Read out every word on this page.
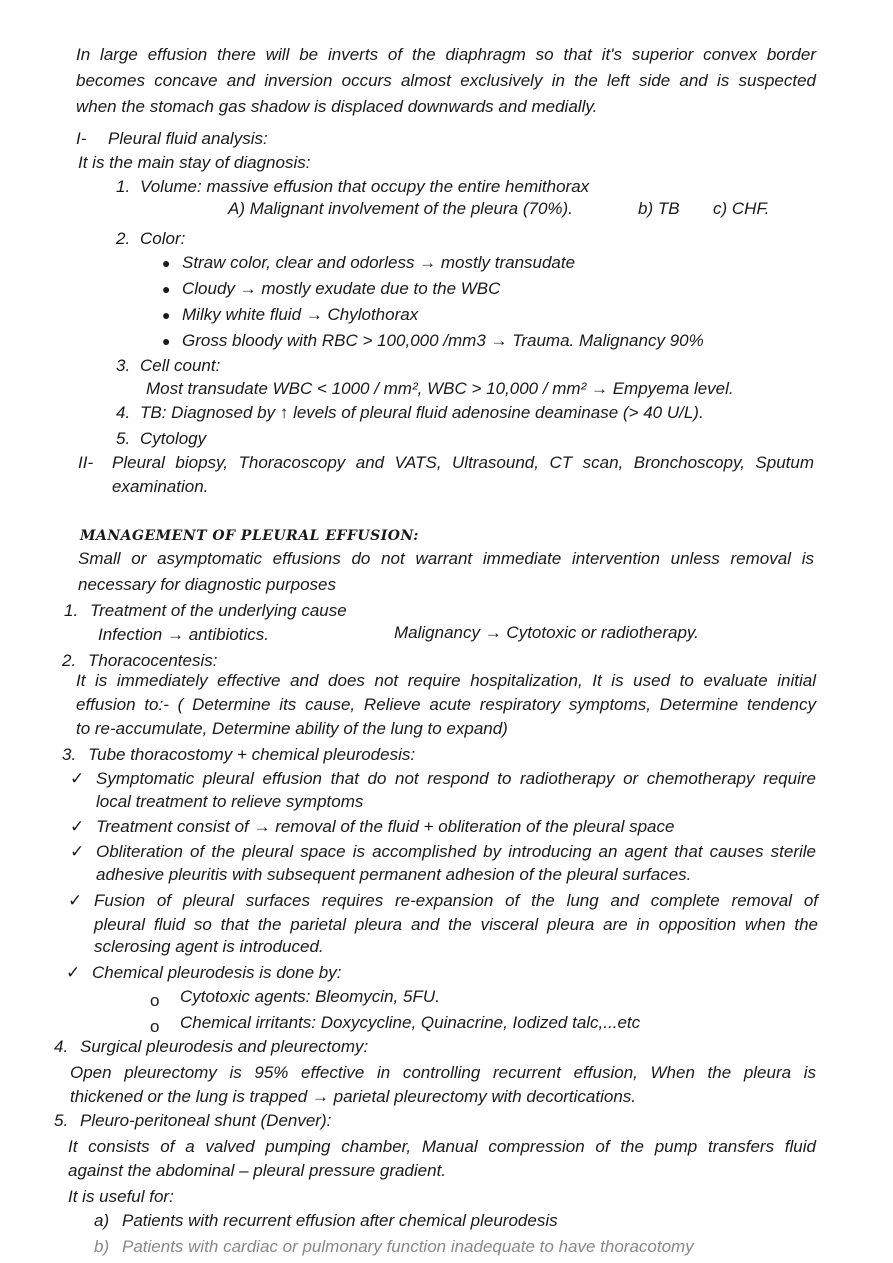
In large effusion there will be inverts of the diaphragm so that it's superior convex border
becomes concave and inversion occurs almost exclusively in the left side and is suspected
when the stomach gas shadow is displaced downwards and medially.
I- Pleural fluid analysis:
It is the main stay of diagnosis:
1. Volume: massive effusion that occupy the entire hemithorax
A) Malignant involvement of the pleura (70%).	b) TB c) CHF.
2. Color:
● Straw color, clear and odorless → mostly transudate
● Cloudy → mostly exudate due to the WBC
● Milky white fluid → Chylothorax
● Gross bloody with RBC > 100,000 /mm3 → Trauma. Malignancy 90%
3. Cell count:
Most transudate WBC < 1000 / mm², WBC > 10,000 / mm² → Empyema level.
4. TB: Diagnosed by ↑ levels of pleural fluid adenosine deaminase (> 40 U/L).
5. Cytology
II- Pleural biopsy, Thoracoscopy and VATS, Ultrasound, CT scan, Bronchoscopy, Sputum
examination.
MANAGEMENT OF PLEURAL EFFUSION:
Small or asymptomatic effusions do not warrant immediate intervention unless removal is
necessary for diagnostic purposes
1. Treatment of the underlying cause
Infection → antibiotics.	Malignancy → Cytotoxic or radiotherapy.
2. Thoracocentesis:
It is immediately effective and does not require hospitalization, It is used to evaluate initial
effusion to:- ( Determine its cause, Relieve acute respiratory symptoms, Determine tendency
to re-accumulate, Determine ability of the lung to expand)
3. Tube thoracostomy + chemical pleurodesis:
✓ Symptomatic pleural effusion that do not respond to radiotherapy or chemotherapy require
local treatment to relieve symptoms
✓ Treatment consist of → removal of the fluid + obliteration of the pleural space
✓ Obliteration of the pleural space is accomplished by introducing an agent that causes sterile
adhesive pleuritis with subsequent permanent adhesion of the pleural surfaces.
✓ Fusion of pleural surfaces requires re-expansion of the lung and complete removal of
pleural fluid so that the parietal pleura and the visceral pleura are in opposition when the
sclerosing agent is introduced.
✓ Chemical pleurodesis is done by:
o Cytotoxic agents: Bleomycin, 5FU.
o Chemical irritants: Doxycycline, Quinacrine, Iodized talc,...etc
4. Surgical pleurodesis and pleurectomy:
Open pleurectomy is 95% effective in controlling recurrent effusion, When the pleura is
thickened or the lung is trapped → parietal pleurectomy with decortications.
5. Pleuro-peritoneal shunt (Denver):
It consists of a valved pumping chamber, Manual compression of the pump transfers fluid
against the abdominal – pleural pressure gradient.
It is useful for:
a) Patients with recurrent effusion after chemical pleurodesis
b) Patients with cardiac or pulmonary function inadequate to have thoracotomy
